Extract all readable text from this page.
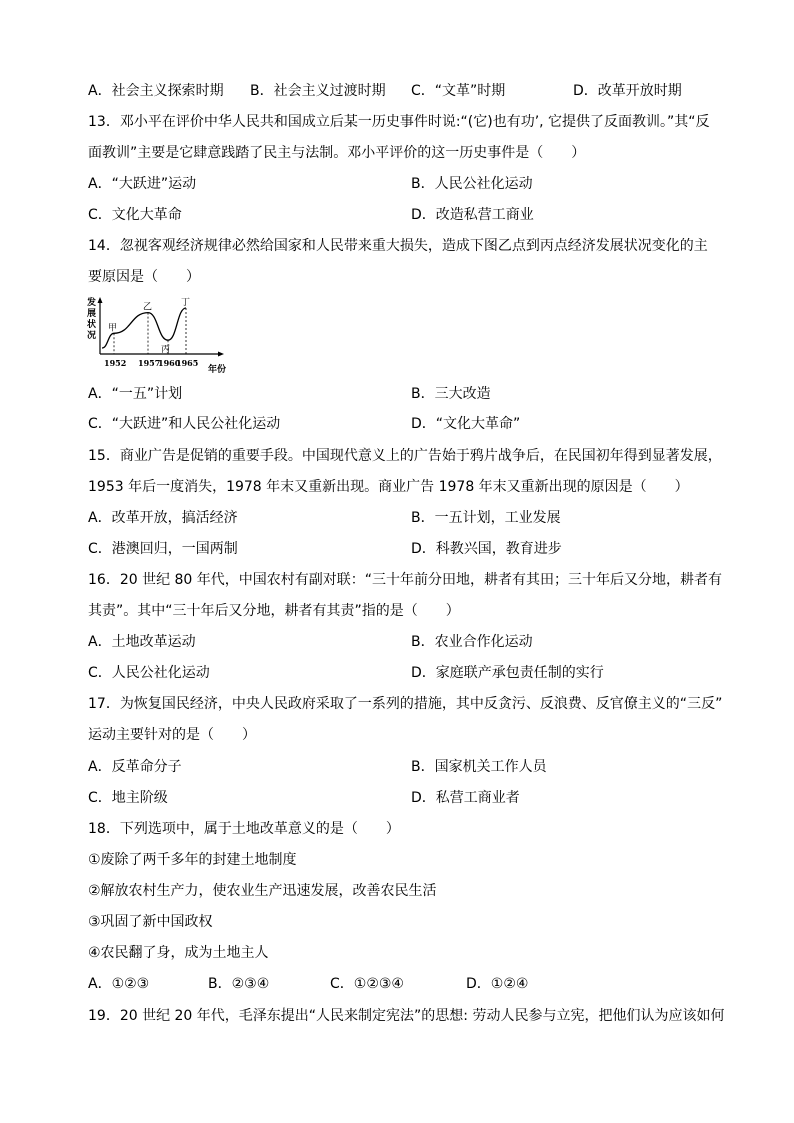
A．社会主义探索时期 B．社会主义过渡时期 C．“文革”时期	D．改革开放时期
13．邓小平在评价中华人民共和国成立后某一历史事件时说:“(它)也有功’, 它提供了反面教训。”其“反
面教训”主要是它肆意践踏了民主与法制。邓小平评价的这一历史事件是（　　）
A．“大跃进”运动	B．人民公社化运动
C．文化大革命	D．改造私营工商业
14．忽视客观经济规律必然给国家和人民带来重大损失，造成下图乙点到丙点经济发展状况变化的主
要原因是（　　）
发
展
状
况
甲
1952
乙
1957
丙
1960
丁
1965
年份
A．“一五”计划	B．三大改造
C．“大跃进”和人民公社化运动	D．“文化大革命”
15．商业广告是促销的重要手段。中国现代意义上的广告始于鸦片战争后，在民国初年得到显著发展，
1953 年后一度消失，1978 年末又重新出现。商业广告 1978 年末又重新出现的原因是（　　）
A．改革开放，搞活经济	B．一五计划，工业发展
C．港澳回归，一国两制	D．科教兴国，教育进步
16．20 世纪 80 年代，中国农村有副对联：“三十年前分田地，耕者有其田；三十年后又分地，耕者有
其责”。其中“三十年后又分地，耕者有其责”指的是（　　）
A．土地改革运动	B．农业合作化运动
C．人民公社化运动	D．家庭联产承包责任制的实行
17．为恢复国民经济，中央人民政府采取了一系列的措施，其中反贪污、反浪费、反官僚主义的“三反”
运动主要针对的是（　　）
A．反革命分子	B．国家机关工作人员
C．地主阶级	D．私营工商业者
18．下列选项中，属于土地改革意义的是（　　）
①废除了两千多年的封建土地制度
②解放农村生产力，使农业生产迅速发展，改善农民生活
③巩固了新中国政权
④农民翻了身，成为土地主人
A．①②③	B．②③④	C．①②③④	D．①②④
19．20 世纪 20 年代，毛泽东提出“人民来制定宪法”的思想: 劳动人民参与立宪，把他们认为应该如何
